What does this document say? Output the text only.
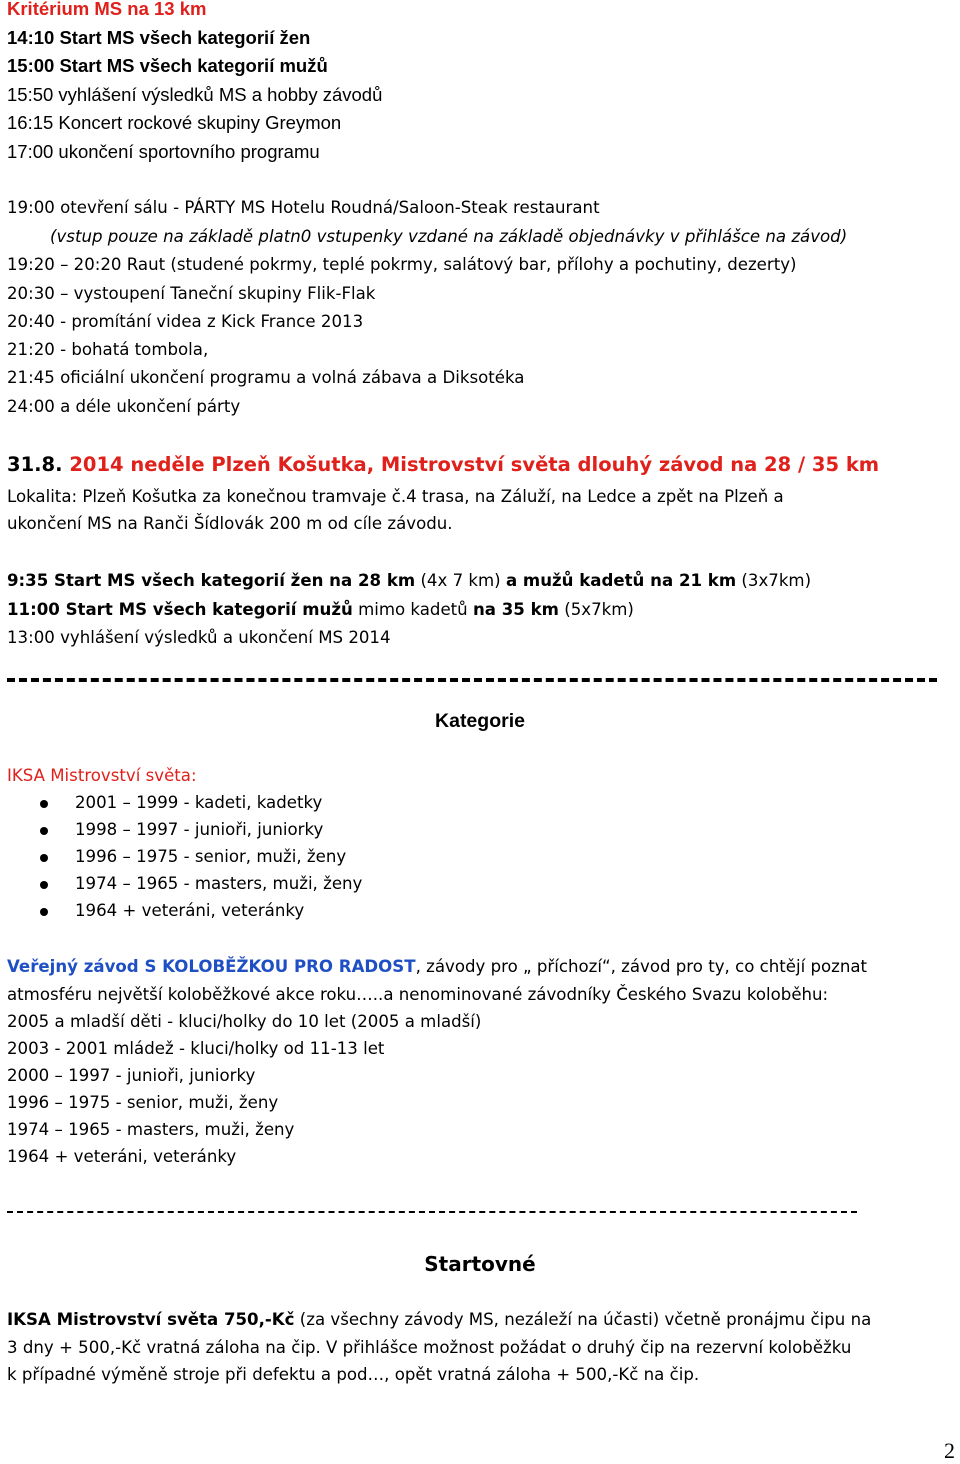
Kritérium MS na 13 km
14:10 Start MS všech kategorií žen
15:00 Start MS všech kategorií mužů
15:50 vyhlášení výsledků MS a hobby závodů
16:15 Koncert rockové skupiny Greymon
17:00 ukončení sportovního programu
19:00 otevření sálu - PÁRTY MS Hotelu Roudná/Saloon-Steak restaurant
(vstup pouze na základě platn0 vstupenky vzdané na základě objednávky v přihlášce na závod)
19:20 – 20:20 Raut (studené pokrmy, teplé pokrmy, salátový bar, přílohy a pochutiny, dezerty)
20:30 – vystoupení Taneční skupiny Flik-Flak
20:40 - promítání videa z Kick France 2013
21:20 - bohatá tombola,
21:45 oficiální ukončení programu a volná zábava a Diksotéka
24:00 a déle ukončení párty
31.8. 2014 neděle Plzeň Košutka, Mistrovství světa dlouhý závod na 28 / 35 km
Lokalita: Plzeň Košutka za konečnou tramvaje č.4 trasa, na Záluží, na Ledce a zpět na Plzeň a
ukončení MS na Ranči Šídlovák 200 m od cíle závodu.
9:35 Start MS všech kategorií žen na 28 km (4x 7 km) a mužů kadetů na 21 km (3x7km)
11:00 Start MS všech kategorií mužů mimo kadetů na 35 km (5x7km)
13:00 vyhlášení výsledků a ukončení MS 2014
Kategorie
IKSA Mistrovství světa:
2001 – 1999 - kadeti, kadetky
1998 – 1997 - junioři, juniorky
1996 – 1975 - senior, muži, ženy
1974 – 1965 - masters, muži, ženy
1964 + veteráni, veteránky
Veřejný závod S KOLOBĚŽKOU PRO RADOST, závody pro „ příchozí“, závod pro ty, co chtějí poznat
atmosféru největší koloběžkové akce roku…..a nenominované závodníky Českého Svazu koloběhu:
2005 a mladší děti - kluci/holky do 10 let (2005 a mladší)
2003 - 2001 mládež - kluci/holky od 11-13 let
2000 – 1997 - junioři, juniorky
1996 – 1975 - senior, muži, ženy
1974 – 1965 - masters, muži, ženy
1964 + veteráni, veteránky
Startovné
IKSA Mistrovství světa 750,-Kč (za všechny závody MS, nezáleží na účasti) včetně pronájmu čipu na
3 dny + 500,-Kč vratná záloha na čip. V přihlášce možnost požádat o druhý čip na rezervní koloběžku
k případné výměně stroje při defektu a pod…, opět vratná záloha + 500,-Kč na čip.
2
